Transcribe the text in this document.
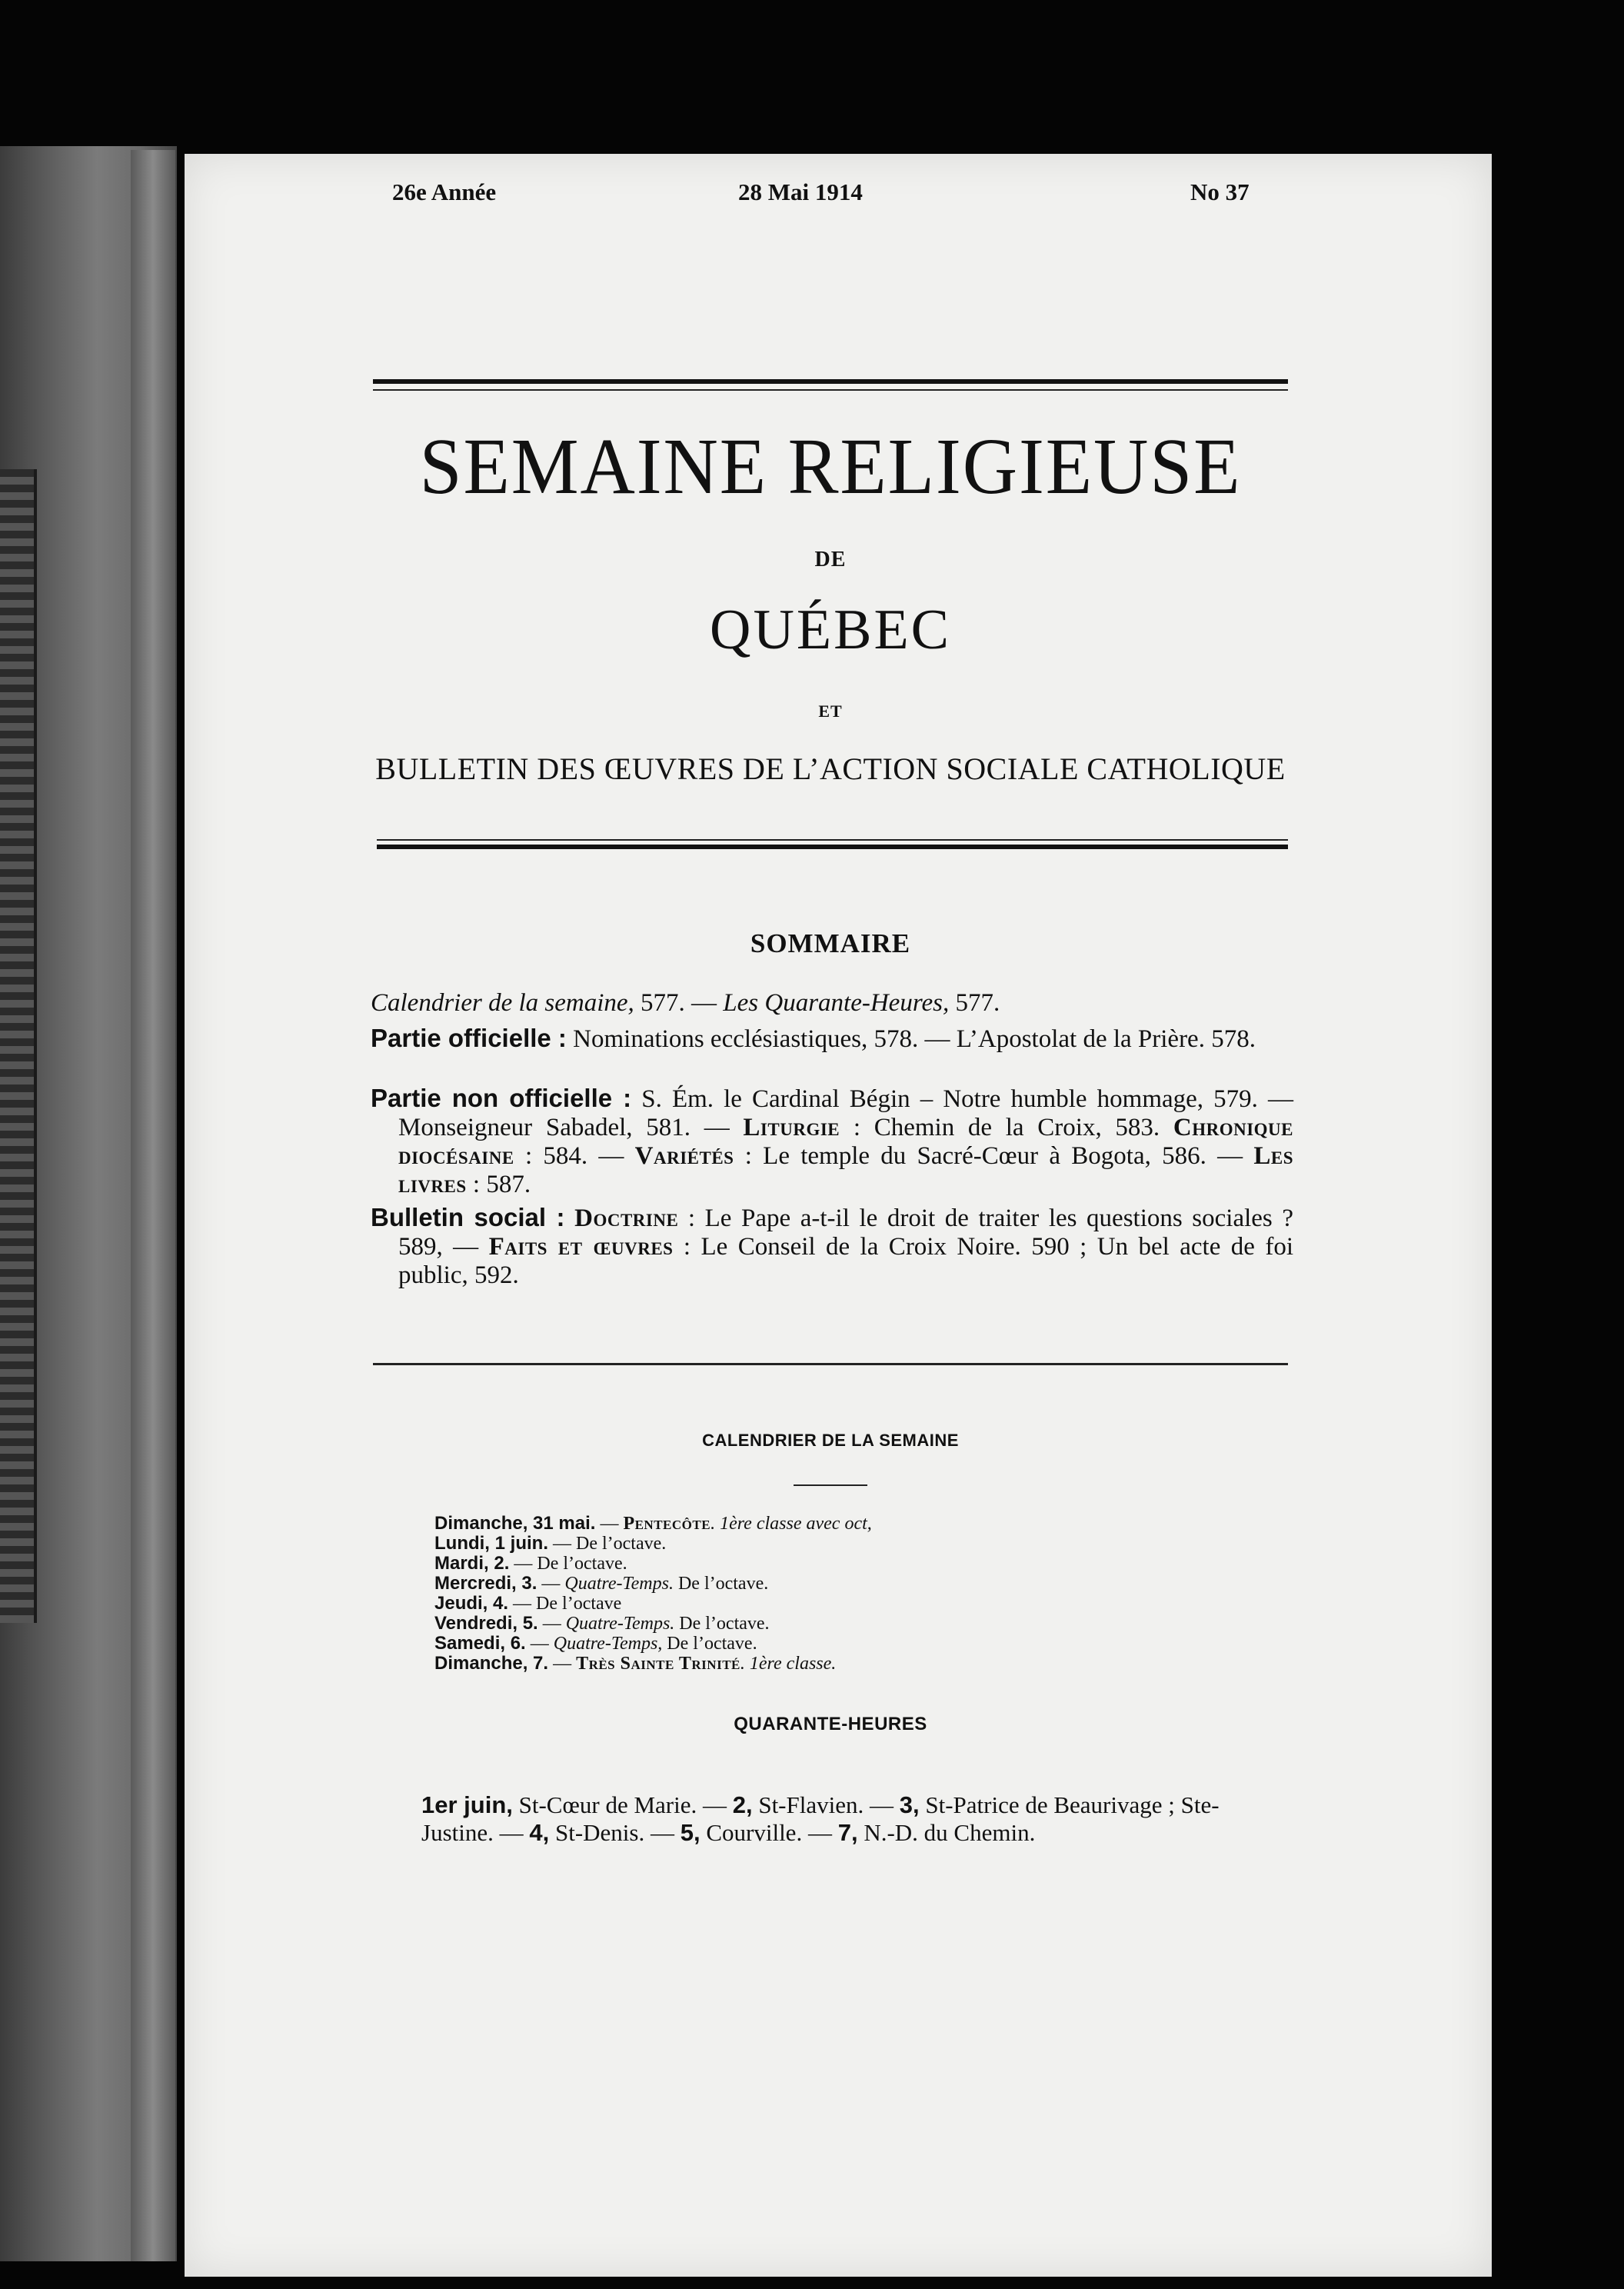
26e Année	28 Mai 1914	No 37
SEMAINE RELIGIEUSE
DE
QUÉBEC
ET
BULLETIN DES ŒUVRES DE L’ACTION SOCIALE CATHOLIQUE
SOMMAIRE
Calendrier de la semaine, 577. — Les Quarante-Heures, 577.
Partie officielle : Nominations ecclésiastiques, 578. — L’Apostolat de la Prière. 578.
Partie non officielle : S. Ém. le Cardinal Bégin – Notre humble hommage, 579. — Monseigneur Sabadel, 581. — Liturgie : Chemin de la Croix, 583. Chronique diocésaine : 584. — Variétés : Le temple du Sacré-Cœur à Bogota, 586. — Les livres : 587.
Bulletin social : Doctrine : Le Pape a-t-il le droit de traiter les questions sociales ? 589, — Faits et œuvres : Le Conseil de la Croix Noire. 590 ; Un bel acte de foi public, 592.
CALENDRIER DE LA SEMAINE
Dimanche, 31 mai. — Pentecôte. 1ère classe avec oct,
Lundi, 1 juin. — De l’octave.
Mardi, 2. — De l’octave.
Mercredi, 3. — Quatre-Temps. De l’octave.
Jeudi, 4. — De l’octave
Vendredi, 5. — Quatre-Temps. De l’octave.
Samedi, 6. — Quatre-Temps, De l’octave.
Dimanche, 7. — Très Sainte Trinité. 1ère classe.
QUARANTE-HEURES
1er juin, St-Cœur de Marie. — 2, St-Flavien. — 3, St-Patrice de Beaurivage ; Ste-Justine. — 4, St-Denis. — 5, Courville. — 7, N.-D. du Chemin.
